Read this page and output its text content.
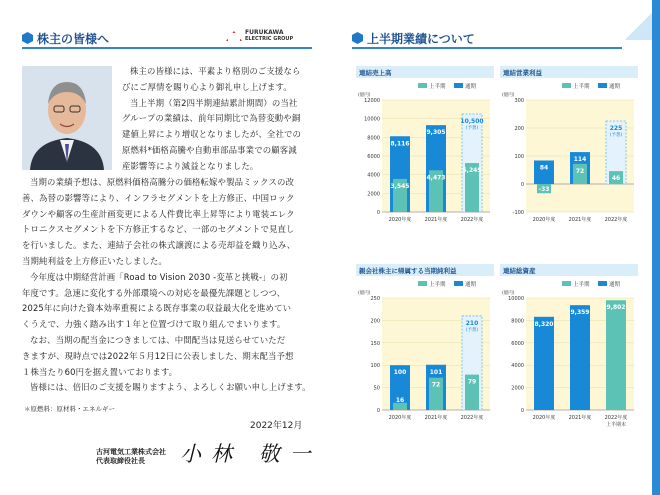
株主の皆様へ	FURUKAWA
ELECTRIC GROUP
株主の皆様には、平素より格別のご支援なら
びにご厚情を賜り心より御礼申し上げます。
当上半期（第2四半期連結累計期間）の当社
グループの業績は、前年同期比で為替変動や銅
建値上昇により増収となりましたが、全社での
原燃料*価格高騰や自動車部品事業での顧客減
産影響等により減益となりました。
当期の業績予想は、原燃料価格高騰分の価格転嫁や製品ミックスの改
善、為替の影響等により、インフラセグメントを上方修正、中国ロック
ダウンや顧客の生産計画変更による人件費比率上昇等により電装エレク
トロニクスセグメントを下方修正するなど、一部のセグメントで見直し
を行いました。また、連結子会社の株式譲渡による売却益を織り込み、
当期純利益を上方修正いたしました。
今年度は中期経営計画「Road to Vision 2030 -変革と挑戦-」の初
年度です。急速に変化する外部環境への対応を最優先課題としつつ、
2025年に向けた資本効率重視による既存事業の収益最大化を進めてい
くうえで、力強く踏み出す１年と位置づけて取り組んでまいります。
なお、当期の配当金につきましては、中間配当は見送らせていただ
きますが、現時点では2022年５月12日に公表しました、期末配当予想
１株当たり60円を据え置いております。
皆様には、倍旧のご支援を賜りますよう、よろしくお願い申し上げます。
＊原燃料：原材料・エネルギー
2022年12月
古河電気工業株式会社
代表取締役社長	小林 敬一
上半期業績について
連結売上高
上半期	通期
(億円)
0
2000
4000
6000
8000
10000
12000
2020年度
8,116
3,545
2021年度
9,305
4,473
2022年度
10,500
(予想)
5,245
連結営業利益
上半期	通期
(億円)
-100
0
100
200
300
2020年度
84
-33
2021年度
114
72
2022年度
225
(予想)
46
親会社株主に帰属する当期純利益
上半期	通期
(億円)
0
50
100
150
200
250
2020年度
100
16
2021年度
101
72
2022年度
210
(予想)
79
連結総資産
上半期	通期
(億円)
0
2000
4000
6000
8000
10000
2020年度
8,320
2021年度
9,359
2022年度
上半期末
9,802
